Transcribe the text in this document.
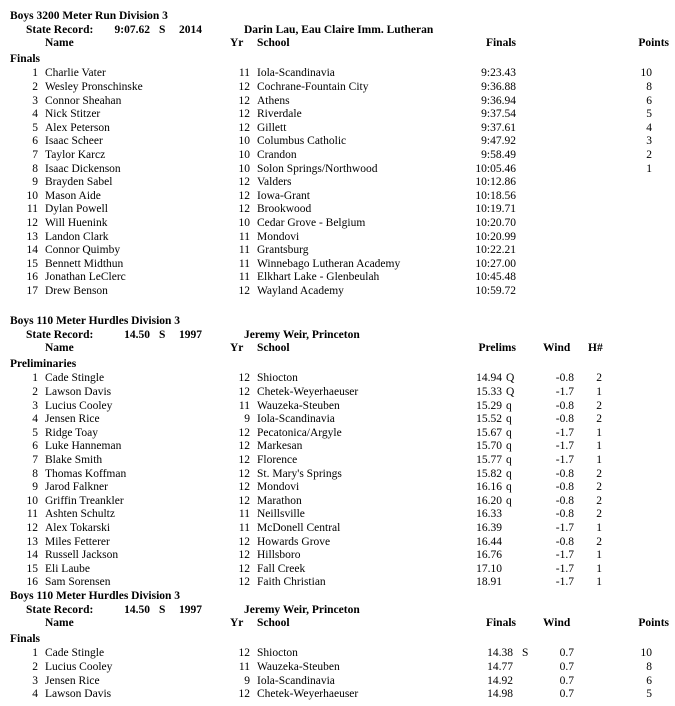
Boys 3200 Meter Run Division 3
State Record: 9:07.62 S 2014	Darin Lau, Eau Claire Imm. Lutheran
Name	Yr School	Finals	Points
Finals
1 Charlie Vater	11 Iola-Scandinavia	9:23.43	10
2 Wesley Pronschinske	12 Cochrane-Fountain City	9:36.88	8
3 Connor Sheahan	12 Athens	9:36.94	6
4 Nick Stitzer	12 Riverdale	9:37.54	5
5 Alex Peterson	12 Gillett	9:37.61	4
6 Isaac Scheer	10 Columbus Catholic	9:47.92	3
7 Taylor Karcz	10 Crandon	9:58.49	2
8 Isaac Dickenson	10 Solon Springs/Northwood	10:05.46	1
9 Brayden Sabel	12 Valders	10:12.86
10 Mason Aide	12 Iowa-Grant	10:18.56
11 Dylan Powell	12 Brookwood	10:19.71
12 Will Huenink	10 Cedar Grove - Belgium	10:20.70
13 Landon Clark	11 Mondovi	10:20.99
14 Connor Quimby	11 Grantsburg	10:22.21
15 Bennett Midthun	11 Winnebago Lutheran Academy	10:27.00
16 Jonathan LeClerc	11 Elkhart Lake - Glenbeulah	10:45.48
17 Drew Benson	12 Wayland Academy	10:59.72
Boys 110 Meter Hurdles Division 3
State Record:	14.50 S 1997	Jeremy Weir, Princeton
Name	Yr School	Prelims Wind H#
Preliminaries
1 Cade Stingle	12 Shiocton	14.94 Q	-0.8 2
2 Lawson Davis	12 Chetek-Weyerhaeuser	15.33 Q	-1.7 1
3 Lucius Cooley	11 Wauzeka-Steuben	15.29 q	-0.8 2
4 Jensen Rice	9 Iola-Scandinavia	15.52 q	-0.8 2
5 Ridge Toay	12 Pecatonica/Argyle	15.67 q	-1.7 1
6 Luke Hanneman	12 Markesan	15.70 q	-1.7 1
7 Blake Smith	12 Florence	15.77 q	-1.7 1
8 Thomas Koffman	12 St. Mary's Springs	15.82 q	-0.8 2
9 Jarod Falkner	12 Mondovi	16.16 q	-0.8 2
10 Griffin Treankler	12 Marathon	16.20 q	-0.8 2
11 Ashten Schultz	11 Neillsville	16.33	-0.8 2
12 Alex Tokarski	11 McDonell Central	16.39	-1.7 1
13 Miles Fetterer	12 Howards Grove	16.44	-0.8 2
14 Russell Jackson	12 Hillsboro	16.76	-1.7 1
15 Eli Laube	12 Fall Creek	17.10	-1.7 1
16 Sam Sorensen	12 Faith Christian	18.91	-1.7 1
Boys 110 Meter Hurdles Division 3
State Record:	14.50 S 1997	Jeremy Weir, Princeton
Name	Yr School	Finals Wind	Points
Finals
1 Cade Stingle	12 Shiocton	14.38 S	0.7	10
2 Lucius Cooley	11 Wauzeka-Steuben	14.77	0.7	8
3 Jensen Rice	9 Iola-Scandinavia	14.92	0.7	6
4 Lawson Davis	12 Chetek-Weyerhaeuser	14.98	0.7	5
